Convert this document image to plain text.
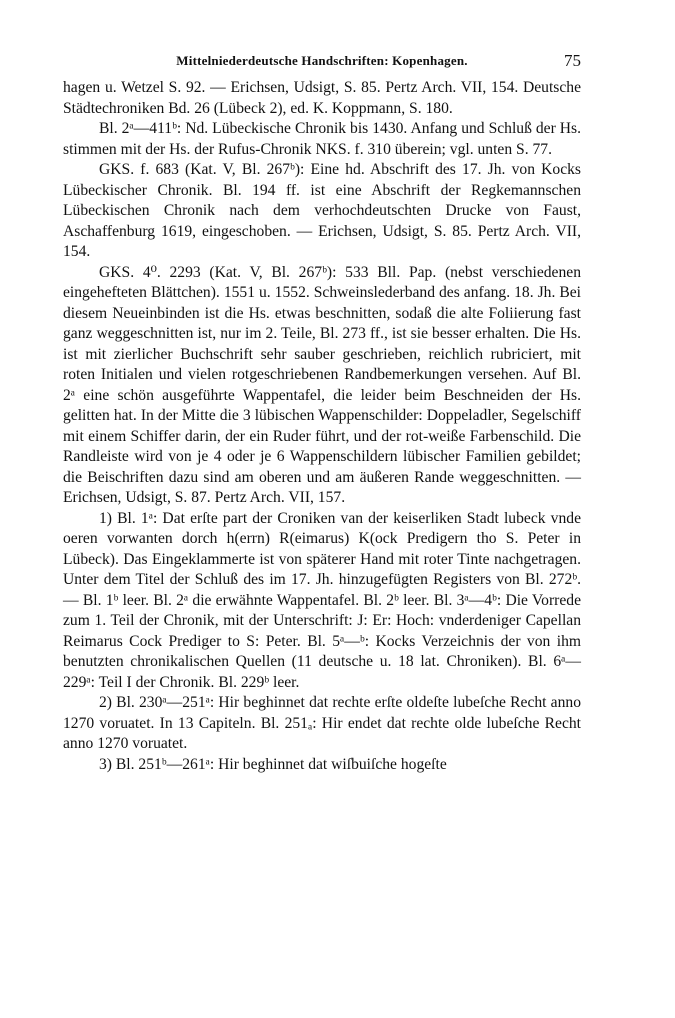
Mittelniederdeutsche Handschriften: Kopenhagen.	75

hagen u. Wetzel S. 92. — Erichsen, Udsigt, S. 85. Pertz Arch. VII, 154. Deutsche Städtechroniken Bd. 26 (Lübeck 2), ed. K. Koppmann, S. 180.

Bl. 2ᵃ—411ᵇ: Nd. Lübeckische Chronik bis 1430. Anfang und Schluß der Hs. stimmen mit der Hs. der Rufus-Chronik NKS. f. 310 überein; vgl. unten S. 77.

GKS. f. 683 (Kat. V, Bl. 267ᵇ): Eine hd. Abschrift des 17. Jh. von Kocks Lübeckischer Chronik. Bl. 194 ff. ist eine Abschrift der Regkemannschen Lübeckischen Chronik nach dem verhochdeutschten Drucke von Faust, Aschaffenburg 1619, eingeschoben. — Erichsen, Udsigt, S. 85. Pertz Arch. VII, 154.

GKS. 4⁰. 2293 (Kat. V, Bl. 267ᵇ): 533 Bll. Pap. (nebst verschiedenen eingehefteten Blättchen). 1551 u. 1552. Schweinslederband des anfang. 18. Jh. Bei diesem Neueinbinden ist die Hs. etwas beschnitten, sodaß die alte Foliierung fast ganz weggeschnitten ist, nur im 2. Teile, Bl. 273 ff., ist sie besser erhalten. Die Hs. ist mit zierlicher Buchschrift sehr sauber geschrieben, reichlich rubriciert, mit roten Initialen und vielen rotgeschriebenen Randbemerkungen versehen. Auf Bl. 2ᵃ eine schön ausgeführte Wappentafel, die leider beim Beschneiden der Hs. gelitten hat. In der Mitte die 3 lübischen Wappenschilder: Doppeladler, Segelschiff mit einem Schiffer darin, der ein Ruder führt, und der rot-weiße Farbenschild. Die Randleiste wird von je 4 oder je 6 Wappenschildern lübischer Familien gebildet; die Beischriften dazu sind am oberen und am äußeren Rande weggeschnitten. — Erichsen, Udsigt, S. 87. Pertz Arch. VII, 157.

1) Bl. 1ᵃ: Dat erſte part der Croniken van der keiserliken Stadt lubeck vnde oeren vorwanten dorch h(errn) R(eimarus) K(ock Predigern tho S. Peter in Lübeck). Das Eingeklammerte ist von späterer Hand mit roter Tinte nachgetragen. Unter dem Titel der Schluß des im 17. Jh. hinzugefügten Registers von Bl. 272ᵇ. — Bl. 1ᵇ leer. Bl. 2ᵃ die erwähnte Wappentafel. Bl. 2ᵇ leer. Bl. 3ᵃ—4ᵇ: Die Vorrede zum 1. Teil der Chronik, mit der Unterschrift: J: Er: Hoch: vnderdeniger Capellan Reimarus Cock Prediger to S: Peter. Bl. 5ᵃ—ᵇ: Kocks Verzeichnis der von ihm benutzten chronikalischen Quellen (11 deutsche u. 18 lat. Chroniken). Bl. 6ᵃ—229ᵃ: Teil I der Chronik. Bl. 229ᵇ leer.

2) Bl. 230ᵃ—251ᵃ: Hir beghinnet dat rechte erſte oldeſte lubeſche Recht anno 1270 voruatet. In 13 Capiteln. Bl. 251ₐ: Hir endet dat rechte olde lubeſche Recht anno 1270 voruatet.

3) Bl. 251ᵇ—261ᵃ: Hir beghinnet dat wiſbuiſche hogeſte
